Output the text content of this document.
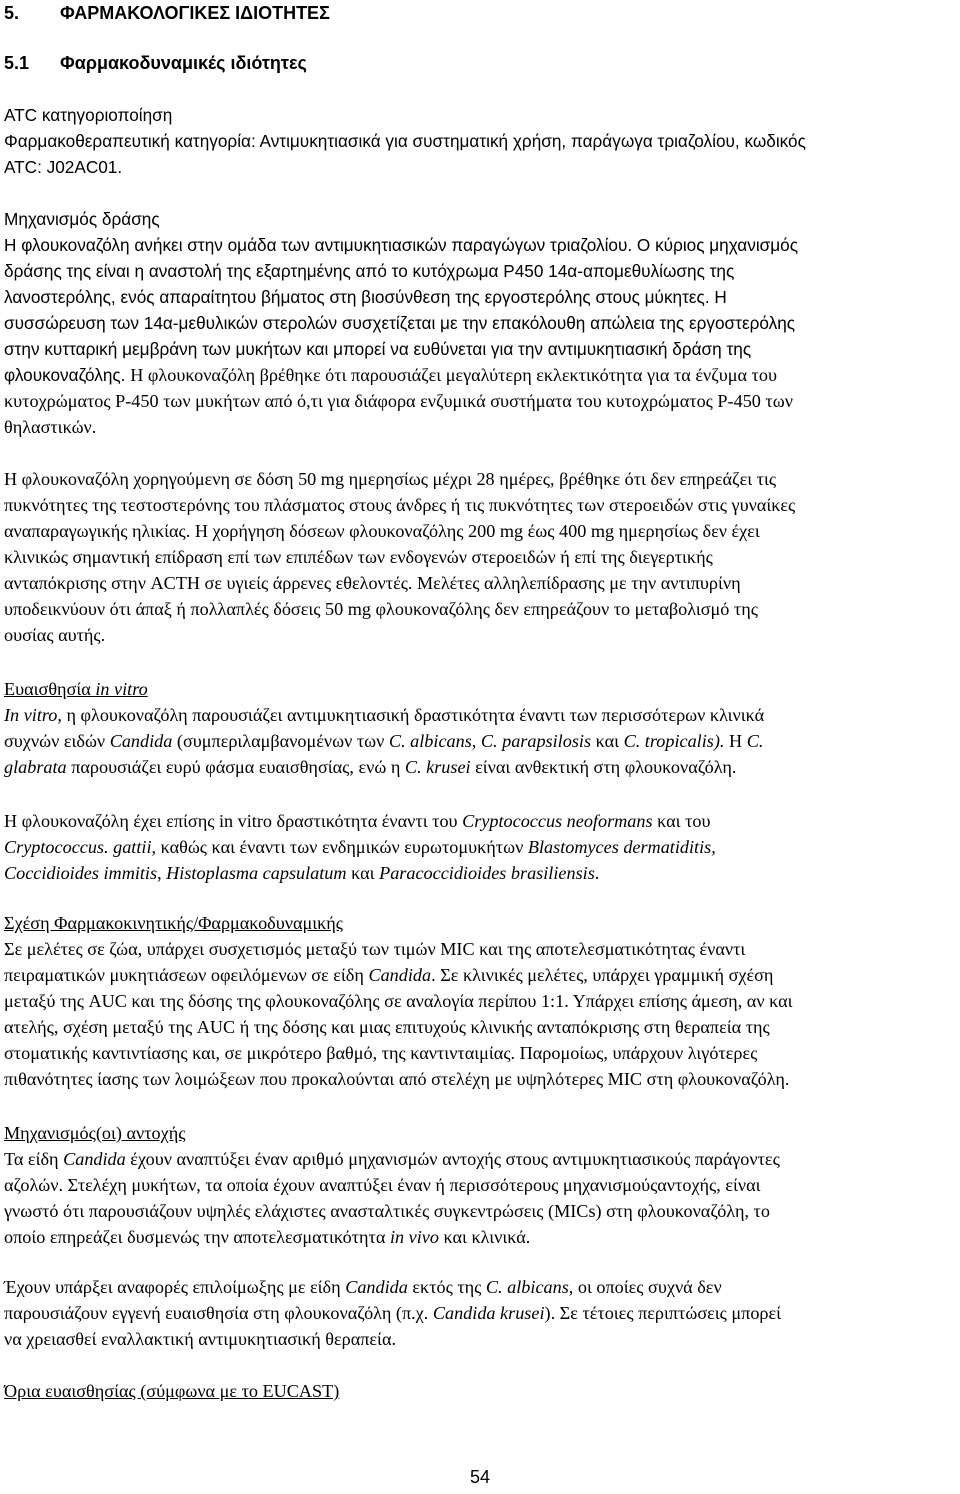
5. ΦΑΡΜΑΚΟΛΟΓΙΚΕΣ ΙΔΙΟΤΗΤΕΣ
5.1 Φαρμακοδυναμικές ιδιότητες
ATC κατηγοριοποίηση
Φαρμακοθεραπευτική κατηγορία: Αντιμυκητιασικά για συστηματική χρήση, παράγωγα τριαζολίου, κωδικός
ATC: J02AC01.
Μηχανισμός δράσης
Η φλουκοναζόλη ανήκει στην ομάδα των αντιμυκητιασικών παραγώγων τριαζολίου. Ο κύριος μηχανισμός
δράσης της είναι η αναστολή της εξαρτημένης από το κυτόχρωμα P450 14α-απομεθυλίωσης της
λανοστερόλης, ενός απαραίτητου βήματος στη βιοσύνθεση της εργοστερόλης στους μύκητες. Η
συσσώρευση των 14α-μεθυλικών στερολών συσχετίζεται με την επακόλουθη απώλεια της εργοστερόλης
στην κυτταρική μεμβράνη των μυκήτων και μπορεί να ευθύνεται για την αντιμυκητιασική δράση της
φλουκοναζόλης. Η φλουκοναζόλη βρέθηκε ότι παρουσιάζει μεγαλύτερη εκλεκτικότητα για τα ένζυμα του
κυτοχρώματος P-450 των μυκήτων από ό,τι για διάφορα ενζυμικά συστήματα του κυτοχρώματος P-450 των
θηλαστικών.
Η φλουκοναζόλη χορηγούμενη σε δόση 50 mg ημερησίως μέχρι 28 ημέρες, βρέθηκε ότι δεν επηρεάζει τις
πυκνότητες της τεστοστερόνης του πλάσματος στους άνδρες ή τις πυκνότητες των στεροειδών στις γυναίκες
αναπαραγωγικής ηλικίας. Η χορήγηση δόσεων φλουκοναζόλης 200 mg έως 400 mg ημερησίως δεν έχει
κλινικώς σημαντική επίδραση επί των επιπέδων των ενδογενών στεροειδών ή επί της διεγερτικής
ανταπόκρισης στην ACTH σε υγιείς άρρενες εθελοντές. Μελέτες αλληλεπίδρασης με την αντιπυρίνη
υποδεικνύουν ότι άπαξ ή πολλαπλές δόσεις 50 mg φλουκοναζόλης δεν επηρεάζουν το μεταβολισμό της
ουσίας αυτής.
Ευαισθησία in vitro
In vitro, η φλουκοναζόλη παρουσιάζει αντιμυκητιασική δραστικότητα έναντι των περισσότερων κλινικά
συχνών ειδών Candida (συμπεριλαμβανομένων των C. albicans, C. parapsilosis και C. tropicalis). Η C.
glabrata παρουσιάζει ευρύ φάσμα ευαισθησίας, ενώ η C. krusei είναι ανθεκτική στη φλουκοναζόλη.
Η φλουκοναζόλη έχει επίσης in vitro δραστικότητα έναντι του Cryptococcus neoformans και του
Cryptococcus. gattii, καθώς και έναντι των ενδημικών ευρωτομυκήτων Blastomyces dermatiditis,
Coccidioides immitis, Histoplasma capsulatum και Paracoccidioides brasiliensis.
Σχέση Φαρμακοκινητικής/Φαρμακοδυναμικής
Σε μελέτες σε ζώα, υπάρχει συσχετισμός μεταξύ των τιμών MIC και της αποτελεσματικότητας έναντι
πειραματικών μυκητιάσεων οφειλόμενων σε είδη Candida. Σε κλινικές μελέτες, υπάρχει γραμμική σχέση
μεταξύ της AUC και της δόσης της φλουκοναζόλης σε αναλογία περίπου 1:1. Υπάρχει επίσης άμεση, αν και
ατελής, σχέση μεταξύ της AUC ή της δόσης και μιας επιτυχούς κλινικής ανταπόκρισης στη θεραπεία της
στοματικής καντιντίασης και, σε μικρότερο βαθμό, της καντινταιμίας. Παρομοίως, υπάρχουν λιγότερες
πιθανότητες ίασης των λοιμώξεων που προκαλούνται από στελέχη με υψηλότερες MIC στη φλουκοναζόλη.
Μηχανισμός(οι) αντοχής
Τα είδη Candida έχουν αναπτύξει έναν αριθμό μηχανισμών αντοχής στους αντιμυκητιασικούς παράγοντες
αζολών. Στελέχη μυκήτων, τα οποία έχουν αναπτύξει έναν ή περισσότερους μηχανισμούςαντοχής, είναι
γνωστό ότι παρουσιάζουν υψηλές ελάχιστες ανασταλτικές συγκεντρώσεις (MICs) στη φλουκοναζόλη, το
οποίο επηρεάζει δυσμενώς την αποτελεσματικότητα in vivo και κλινικά.
Έχουν υπάρξει αναφορές επιλοίμωξης με είδη Candida εκτός της C. albicans, οι οποίες συχνά δεν
παρουσιάζουν εγγενή ευαισθησία στη φλουκοναζόλη (π.χ. Candida krusei). Σε τέτοιες περιπτώσεις μπορεί
να χρειασθεί εναλλακτική αντιμυκητιασική θεραπεία.
Όρια ευαισθησίας (σύμφωνα με το EUCAST)
54
